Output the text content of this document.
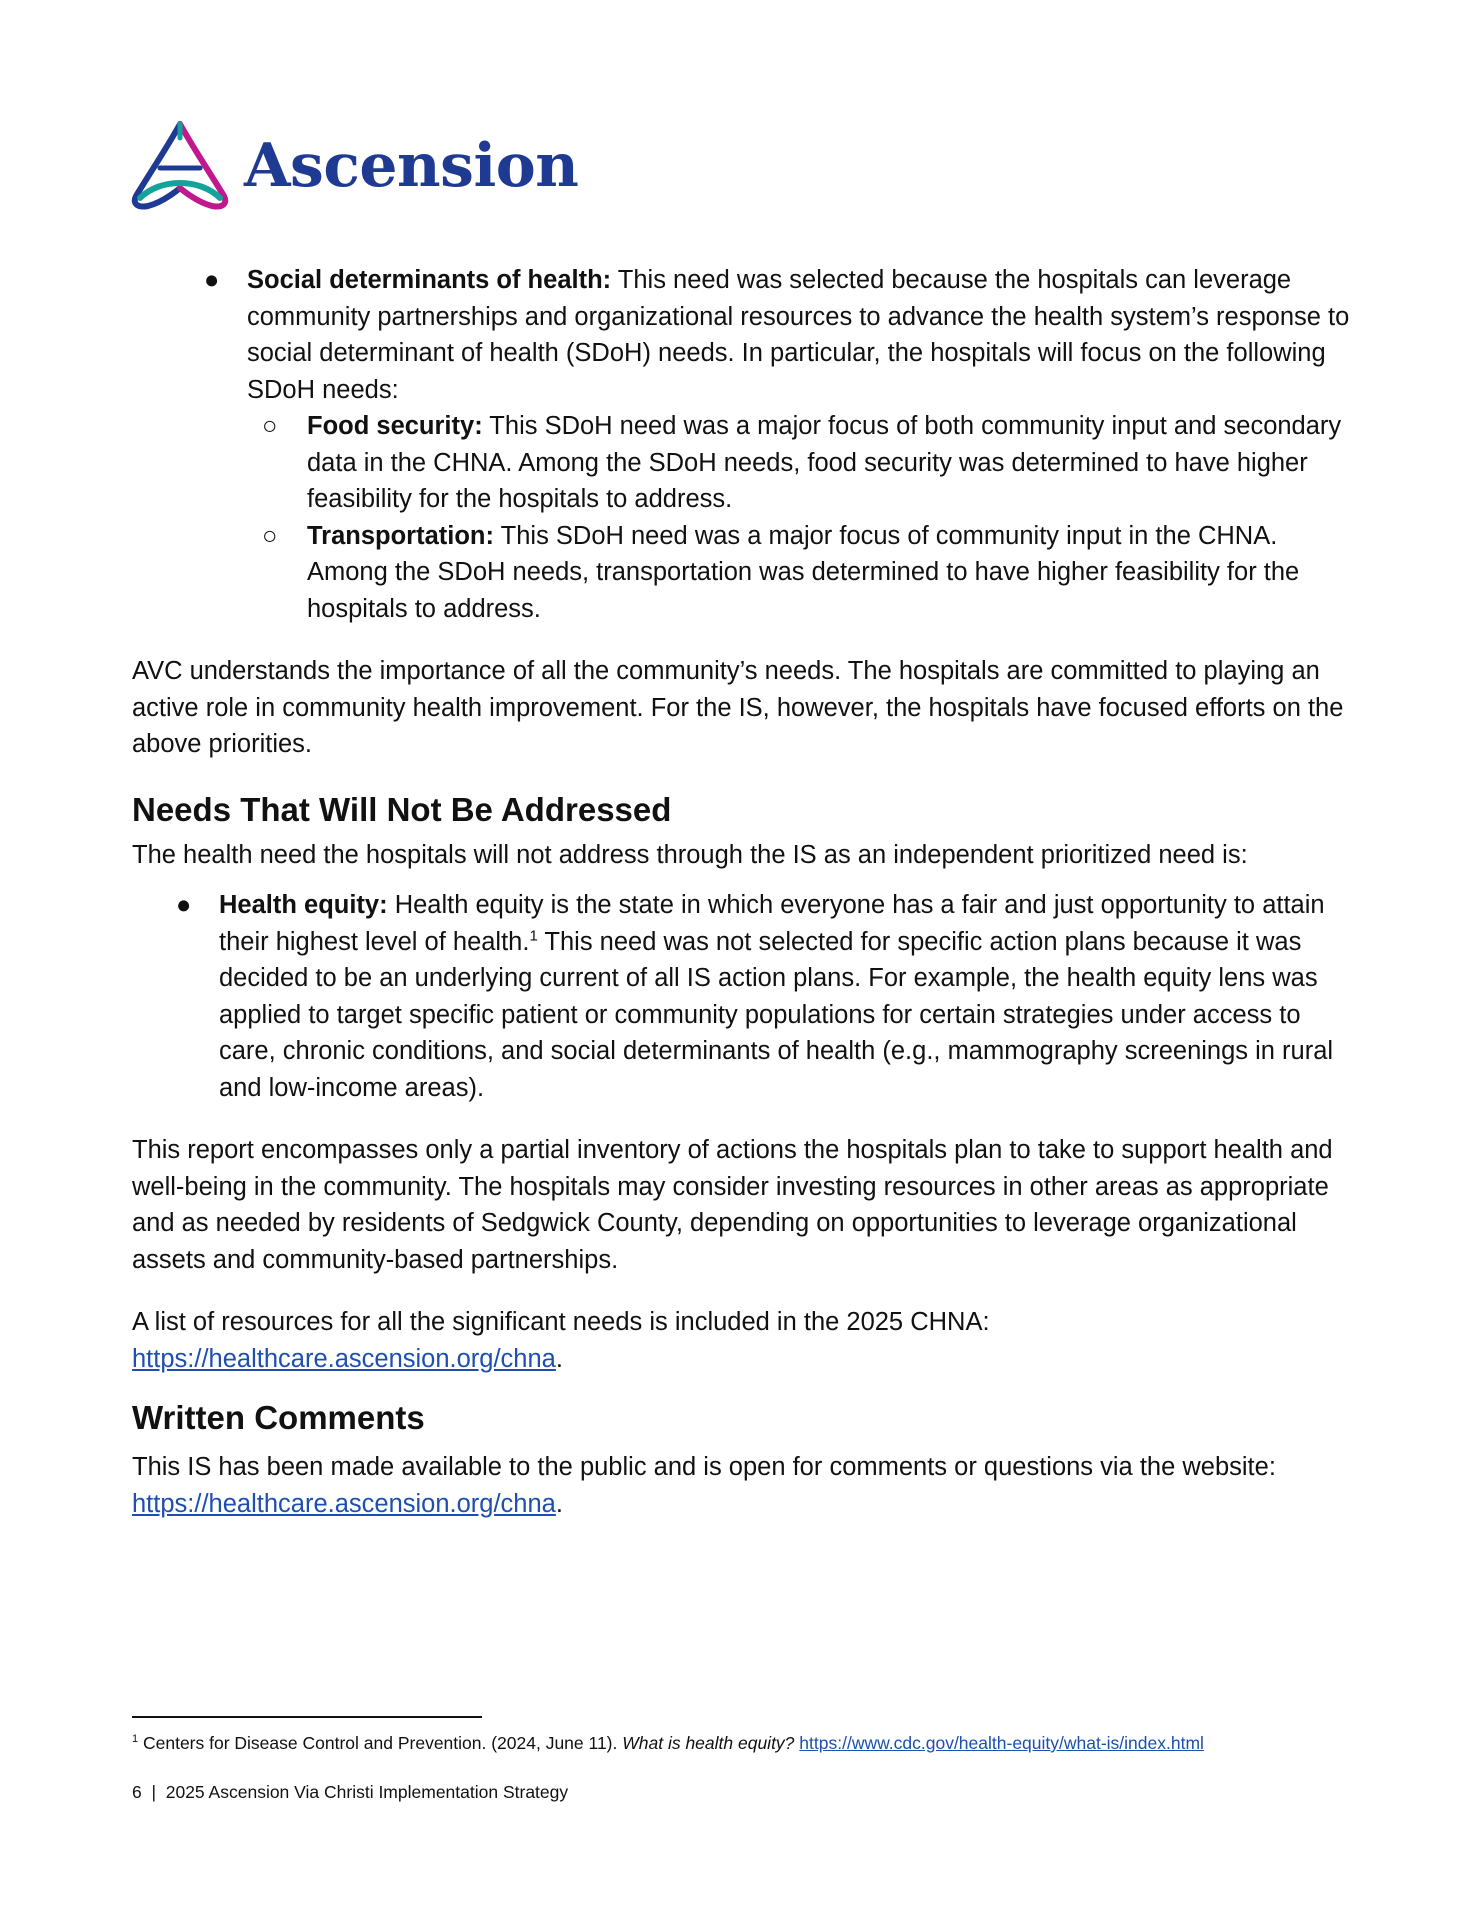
Ascension
● Social determinants of health: This need was selected because the hospitals can leverage community partnerships and organizational resources to advance the health system’s response to social determinant of health (SDoH) needs. In particular, the hospitals will focus on the following SDoH needs:

○ Food security: This SDoH need was a major focus of both community input and secondary data in the CHNA. Among the SDoH needs, food security was determined to have higher feasibility for the hospitals to address.

○ Transportation: This SDoH need was a major focus of community input in the CHNA. Among the SDoH needs, transportation was determined to have higher feasibility for the hospitals to address.

AVC understands the importance of all the community’s needs. The hospitals are committed to playing an active role in community health improvement. For the IS, however, the hospitals have focused efforts on the above priorities.

Needs That Will Not Be Addressed

The health need the hospitals will not address through the IS as an independent prioritized need is:

● Health equity: Health equity is the state in which everyone has a fair and just opportunity to attain their highest level of health.$^1$ This need was not selected for specific action plans because it was decided to be an underlying current of all IS action plans. For example, the health equity lens was applied to target specific patient or community populations for certain strategies under access to care, chronic conditions, and social determinants of health (e.g., mammography screenings in rural and low-income areas).

This report encompasses only a partial inventory of actions the hospitals plan to take to support health and well-being in the community. The hospitals may consider investing resources in other areas as appropriate and as needed by residents of Sedgwick County, depending on opportunities to leverage organizational assets and community-based partnerships.

A list of resources for all the significant needs is included in the 2025 CHNA:
https://healthcare.ascension.org/chna.

Written Comments

This IS has been made available to the public and is open for comments or questions via the website:
https://healthcare.ascension.org/chna.

$^1$ Centers for Disease Control and Prevention. (2024, June 11). What is health equity? https://www.cdc.gov/health-equity/what-is/index.html
6  |  2025 Ascension Via Christi Implementation Strategy
